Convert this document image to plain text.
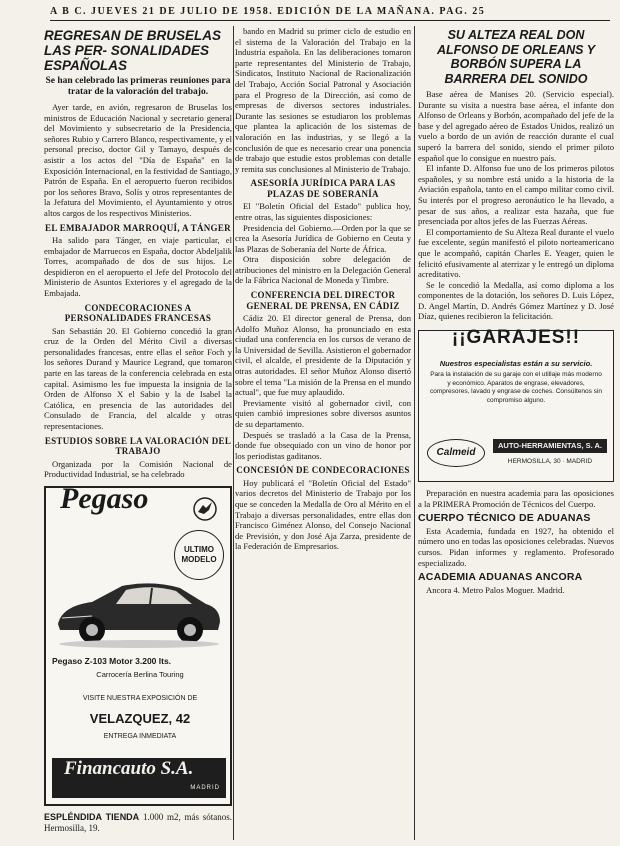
A B C. JUEVES 21 DE JULIO DE 1958. EDICIÓN DE LA MAÑANA. PAG. 25
REGRESAN DE BRUSELAS LAS PER- SONALIDADES ESPAÑOLAS
Se han celebrado las primeras reuniones para tratar de la valoración del trabajo.

Ayer tarde, en avión, regresaron de Bruselas los ministros de Educación Nacional y secretario general del Movimiento y subsecretario de la Presidencia, señores Rubio y Carrero Blanco, respectivamente, y el personal preciso, doctor Gil y Tamayo, después de asistir a los actos del "Día de España" en la Exposición Internacional, en la festividad de Santiago, Patrón de España. En el aeropuerto fueron recibidos por los señores Bravo, Solís y otros representantes de la Jefatura del Movimiento, el Ayuntamiento y otros altos cargos de los respectivos Ministerios.

EL EMBAJADOR MARROQUÍ, A TÁNGER

Ha salido para Tánger, en viaje particular, el embajador de Marruecos en España, doctor Abdeljalik Torres, acompañado de dos de sus hijos. Le despidieron en el aeropuerto el Jefe del Protocolo del Ministerio de Asuntos Exteriores y el agregado de la Embajada.

CONDECORACIONES A PERSONALIDADES FRANCESAS

San Sebastián 20. El Gobierno concedió la gran cruz de la Orden del Mérito Civil a diversas personalidades francesas, entre ellas el señor Foch y los señores Durand y Maurice Legrand, que tomaron parte en las tareas de la conferencia celebrada en esta capital. Asimismo les fue impuesta la insignia de la Orden de Alfonso X el Sabio y la de Isabel la Católica, en presencia de las autoridades del Consulado de Francia, del alcalde y otras representaciones.

ESTUDIOS SOBRE LA VALORACIÓN DEL TRABAJO

Organizada por la Comisión Nacional de Productividad Industrial, se ha celebrado

Pegaso
ULTIMO MODELO
Pegaso Z-103 Motor 3.200 lts.
Carrocería Berlina Touring
VISITE NUESTRA EXPOSICIÓN DE
VELAZQUEZ, 42
ENTREGA INMEDIATA
Financauto S.A.
MADRID
ESPLÉNDIDA TIENDA 1.000 m2, más sótanos. Hermosilla, 19.

bando en Madrid su primer ciclo de estudio en el sistema de la Valoración del Trabajo en la Industria española. En las deliberaciones tomaron parte representantes del Ministerio de Trabajo, Sindicatos, Instituto Nacional de Racionalización del Trabajo, Acción Social Patronal y Asociación para el Progreso de la Dirección, así como de empresas de diversos sectores industriales. Durante las sesiones se estudiaron los problemas que plantea la aplicación de los sistemas de valoración en las industrias, y se llegó a la conclusión de que es necesario crear una ponencia de trabajo que estudie estos problemas con detalle y remita sus conclusiones al Ministerio de Trabajo.

ASESORÍA JURÍDICA PARA LAS PLAZAS DE SOBERANÍA

El "Boletín Oficial del Estado" publica hoy, entre otras, las siguientes disposiciones:

Presidencia del Gobierno.—Orden por la que se crea la Asesoría Jurídica de Gobierno en Ceuta y las Plazas de Soberanía del Norte de África.

Otra disposición sobre delegación de atribuciones del ministro en la Delegación General de la Fábrica Nacional de Moneda y Timbre.

CONFERENCIA DEL DIRECTOR GENERAL DE PRENSA, EN CÁDIZ

Cádiz 20. El director general de Prensa, don Adolfo Muñoz Alonso, ha pronunciado en esta ciudad una conferencia en los cursos de verano de la Universidad de Sevilla. Asistieron el gobernador civil, el alcalde, el presidente de la Diputación y otras autoridades. El señor Muñoz Alonso disertó sobre el tema "La misión de la Prensa en el mundo actual", que fue muy aplaudido.

Previamente visitó al gobernador civil, con quien cambió impresiones sobre diversos asuntos de su departamento.

Después se trasladó a la Casa de la Prensa, donde fue obsequiado con un vino de honor por los periodistas gaditanos.

CONCESIÓN DE CONDECORACIONES

Hoy publicará el "Boletín Oficial del Estado" varios decretos del Ministerio de Trabajo por los que se conceden la Medalla de Oro al Mérito en el Trabajo a diversas personalidades, entre ellas don Francisco Giménez Alonso, del Consejo Nacional de Previsión, y don José Aja Zarza, presidente de la Federación de Empresarios.

SU ALTEZA REAL DON ALFONSO DE ORLEANS Y BORBÓN SUPERA LA BARRERA DEL SONIDO

Base aérea de Manises 20. (Servicio especial). Durante su visita a nuestra base aérea, el infante don Alfonso de Orleans y Borbón, acompañado del jefe de la base y del agregado aéreo de Estados Unidos, realizó un vuelo a bordo de un avión de reacción durante el cual superó la barrera del sonido, siendo el primer piloto español que lo consigue en nuestro país.

El infante D. Alfonso fue uno de los primeros pilotos españoles, y su nombre está unido a la historia de la Aviación española, tanto en el campo militar como civil. Su interés por el progreso aeronáutico le ha llevado, a pesar de sus años, a realizar esta hazaña, que fue presenciada por altos jefes de las Fuerzas Aéreas.

El comportamiento de Su Alteza Real durante el vuelo fue excelente, según manifestó el piloto norteamericano que le acompañó, capitán Charles E. Yeager, quien le felicitó efusivamente al aterrizar y le entregó un diploma acreditativo.

Se le concedió la Medalla, así como diploma a los componentes de la dotación, los señores D. Luis López, D. Angel Martín, D. Andrés Gómez Martínez y D. José Díaz, quienes recibieron la felicitación.

¡¡GARAJES!!
Nuestros especialistas están a su servicio.
Para la instalación de su garaje con el utillaje más moderno y económico. Aparatos de engrase, elevadores, compresores, lavado y engrase de coches. Consúltenos sin compromiso alguno.
Calmeid
AUTO-HERRAMIENTAS, S. A.
HERMOSILLA, 30 · MADRID

Preparación en nuestra academia para las oposiciones a la PRIMERA Promoción de Técnicos del Cuerpo.

CUERPO TÉCNICO DE ADUANAS

Esta Academia, fundada en 1927, ha obtenido el número uno en todas las oposiciones celebradas. Nuevos cursos. Pidan informes y reglamento. Profesorado especializado.

ACADEMIA ADUANAS ANCORA

Ancora 4. Metro Palos Moguer. Madrid.
